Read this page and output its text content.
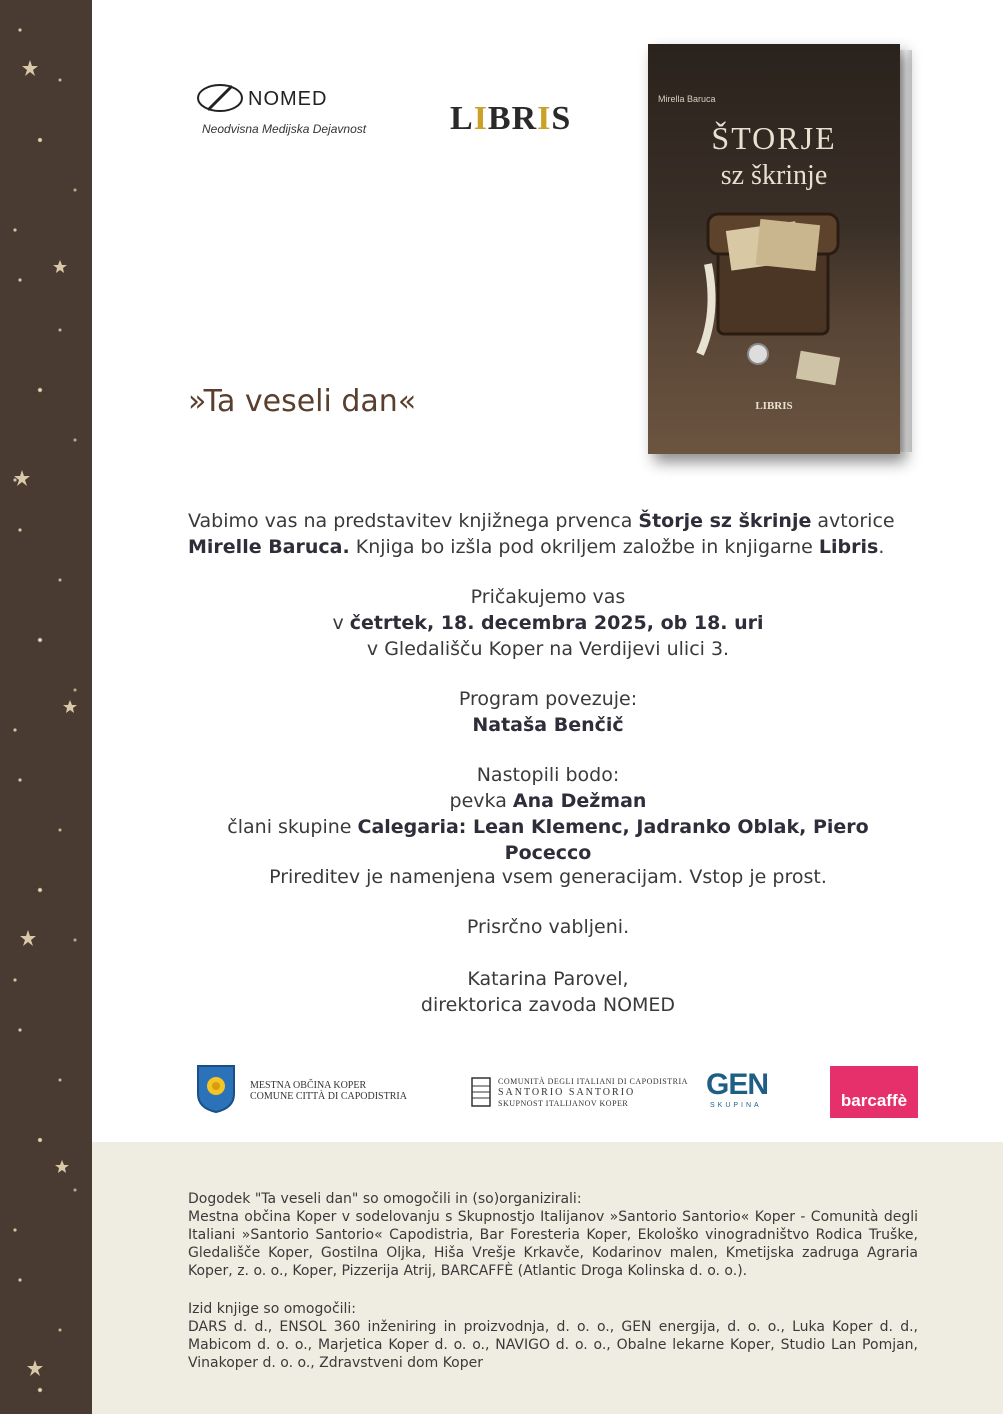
NOMED
Neodvisna Medijska Dejavnost LIBRIS
Mirella Baruca
ŠTORJE
sz škrinje
LIBRIS
»Ta veseli dan«
Vabimo vas na predstavitev knjižnega prvenca Štorje sz škrinje avtorice
Mirelle Baruca. Knjiga bo izšla pod okriljem založbe in knjigarne Libris.
Pričakujemo vas
v četrtek, 18. decembra 2025, ob 18. uri
v Gledališču Koper na Verdijevi ulici 3.
Program povezuje:
Nataša Benčič
Nastopili bodo:
pevka Ana Dežman
člani skupine Calegaria: Lean Klemenc, Jadranko Oblak, Piero Pocecco
Prireditev je namenjena vsem generacijam. Vstop je prost.
Prisrčno vabljeni.
Katarina Parovel,
direktorica zavoda NOMED
MESTNA OBČINA KOPER
COMUNE CITTÀ DI CAPODISTRIA
COMUNITÀ DEGLI ITALIANI DI CAPODISTRIA
SANTORIO SANTORIO
SKUPNOST ITALIJANOV KOPER
GEN
SKUPINA	barcaffè
Dogodek "Ta veseli dan" so omogočili in (so)organizirali:
Mestna občina Koper v sodelovanju s Skupnostjo Italijanov »Santorio Santorio« Koper - Comunità degli Italiani »Santorio Santorio« Capodistria, Bar Foresteria Koper, Ekološko vinogradništvo Rodica Truške, Gledališče Koper, Gostilna Oljka, Hiša Vrešje Krkavče, Kodarinov malen, Kmetijska zadruga Agraria Koper, z. o. o., Koper, Pizzerija Atrij, BARCAFFÈ (Atlantic Droga Kolinska d. o. o.).
Izid knjige so omogočili:
DARS d. d., ENSOL 360 inženiring in proizvodnja, d. o. o., GEN energija, d. o. o., Luka Koper d. d., Mabicom d. o. o., Marjetica Koper d. o. o., NAVIGO d. o. o., Obalne lekarne Koper, Studio Lan Pomjan, Vinakoper d. o. o., Zdravstveni dom Koper
